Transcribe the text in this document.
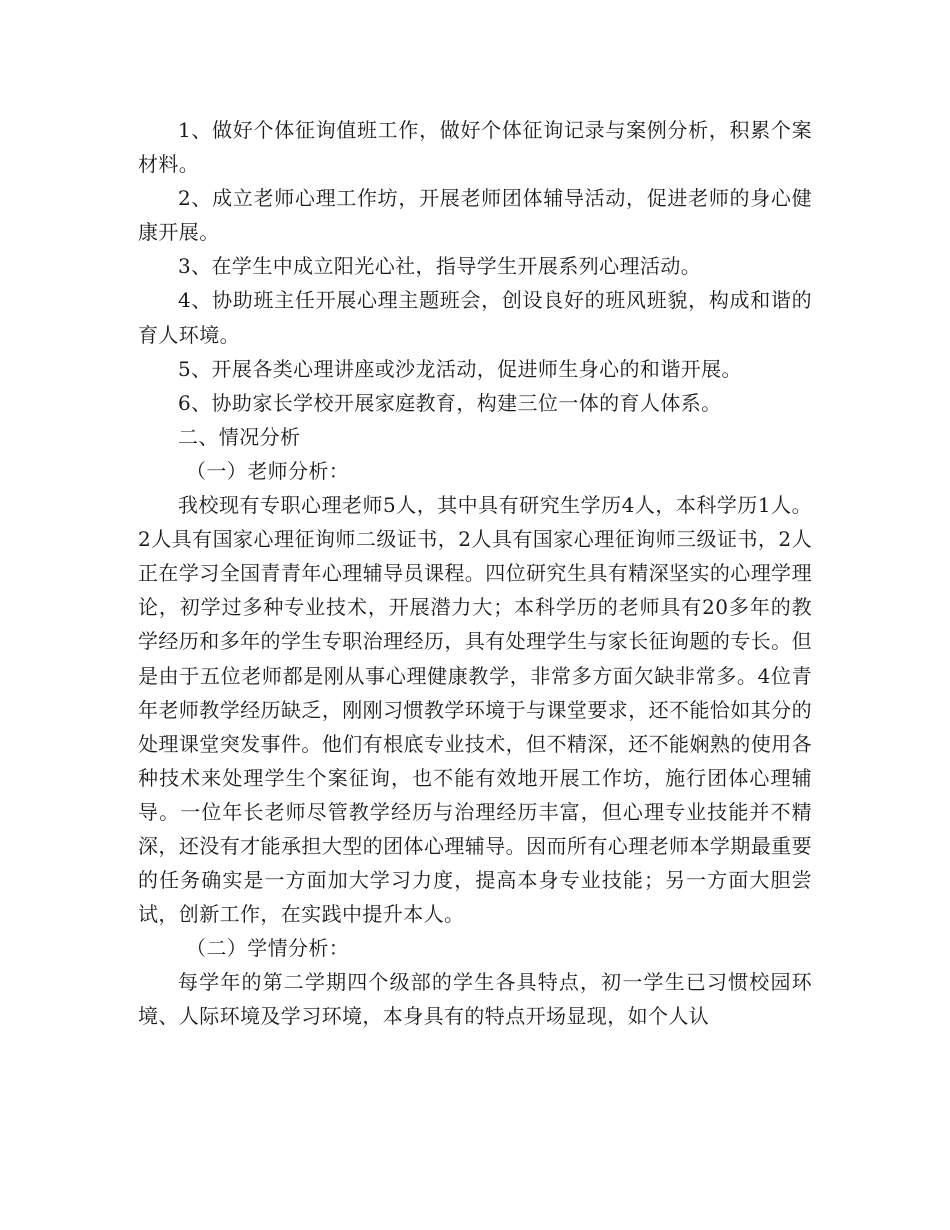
1、做好个体征询值班工作，做好个体征询记录与案例分析，积累个案材料。

2、成立老师心理工作坊，开展老师团体辅导活动，促进老师的身心健康开展。

3、在学生中成立阳光心社，指导学生开展系列心理活动。

4、协助班主任开展心理主题班会，创设良好的班风班貌，构成和谐的育人环境。

5、开展各类心理讲座或沙龙活动，促进师生身心的和谐开展。

6、协助家长学校开展家庭教育，构建三位一体的育人体系。

二、情况分析

（一）老师分析：

我校现有专职心理老师5人，其中具有研究生学历4人，本科学历1人。2人具有国家心理征询师二级证书，2人具有国家心理征询师三级证书，2人正在学习全国青青年心理辅导员课程。四位研究生具有精深坚实的心理学理论，初学过多种专业技术，开展潜力大；本科学历的老师具有20多年的教学经历和多年的学生专职治理经历，具有处理学生与家长征询题的专长。但是由于五位老师都是刚从事心理健康教学，非常多方面欠缺非常多。4位青年老师教学经历缺乏，刚刚习惯教学环境于与课堂要求，还不能恰如其分的处理课堂突发事件。他们有根底专业技术，但不精深，还不能娴熟的使用各种技术来处理学生个案征询，也不能有效地开展工作坊，施行团体心理辅导。一位年长老师尽管教学经历与治理经历丰富，但心理专业技能并不精深，还没有才能承担大型的团体心理辅导。因而所有心理老师本学期最重要的任务确实是一方面加大学习力度，提高本身专业技能；另一方面大胆尝试，创新工作，在实践中提升本人。

（二）学情分析：

每学年的第二学期四个级部的学生各具特点，初一学生已习惯校园环境、人际环境及学习环境，本身具有的特点开场显现，如个人认
